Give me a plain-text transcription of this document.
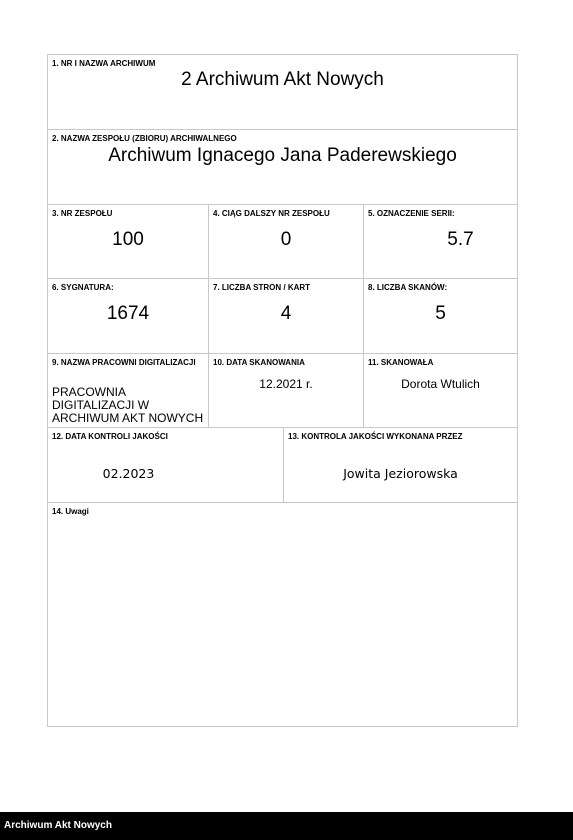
1. NR I NAZWA ARCHIWUM
2 Archiwum Akt Nowych
2. NAZWA ZESPOŁU (ZBIORU) ARCHIWALNEGO
Archiwum Ignacego Jana Paderewskiego
3. NR ZESPOŁU
100
4. CIĄG DALSZY NR ZESPOŁU
0
5. OZNACZENIE SERII:
5.7
6. SYGNATURA:
1674
7. LICZBA STRON / KART
4
8. LICZBA SKANÓW:
5
9. NAZWA PRACOWNI DIGITALIZACJI
PRACOWNIA DIGITALIZACJI W ARCHIWUM AKT NOWYCH
10. DATA SKANOWANIA
12.2021 r.
11. SKANOWAŁA
Dorota Wtulich
12. DATA KONTROLI JAKOŚCI
02.2023
13. KONTROLA JAKOŚCI WYKONANA PRZEZ
Jowita Jeziorowska
14. Uwagi
Archiwum Akt Nowych
